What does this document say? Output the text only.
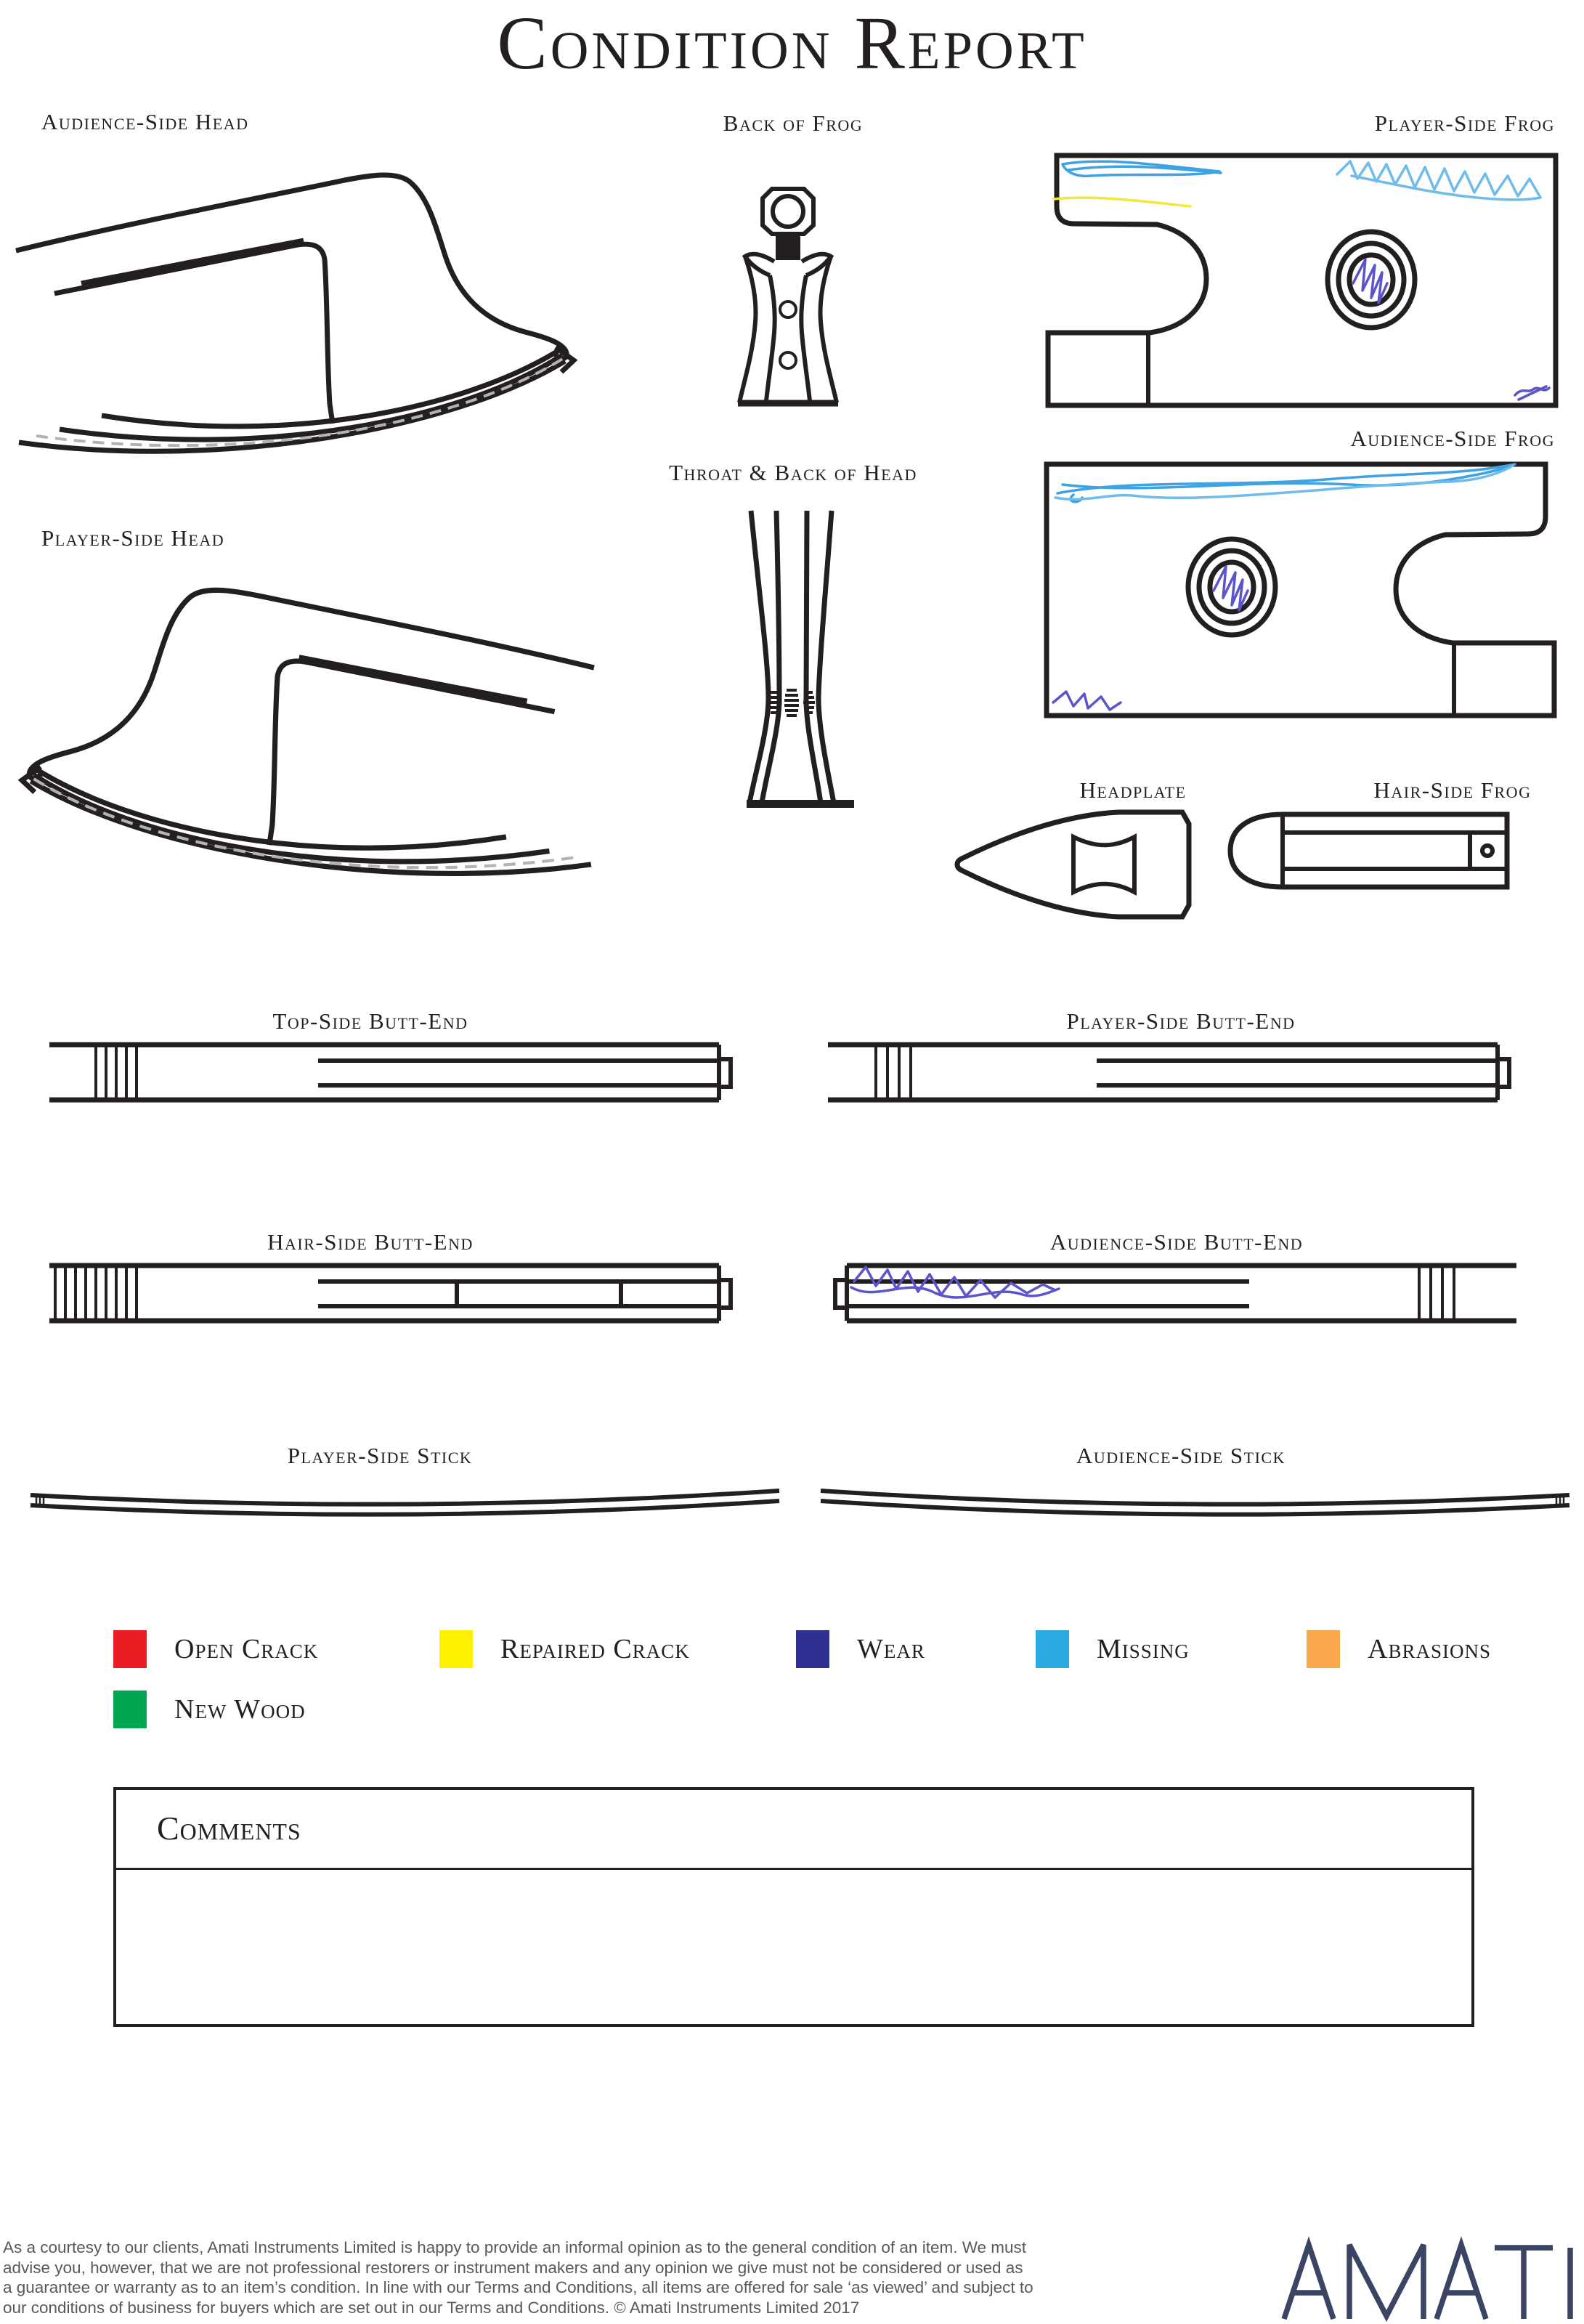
Condition Report
Audience-Side Head	Back of Frog	Player-Side Frog
Audience-Side Frog
Throat & Back of Head
Player-Side Head
Headplate	Hair-Side Frog
Top-Side Butt-End	Player-Side Butt-End
Hair-Side Butt-End	Audience-Side Butt-End
Player-Side Stick	Audience-Side Stick
Open Crack	Repaired Crack	Wear	Missing	Abrasions
New Wood
Comments
As a courtesy to our clients, Amati Instruments Limited is happy to provide an informal opinion as to the general condition of an item. We must
advise you, however, that we are not professional restorers or instrument makers and any opinion we give must not be considered or used as
a guarantee or warranty as to an item’s condition. In line with our Terms and Conditions, all items are offered for sale ‘as viewed’ and subject to
our conditions of business for buyers which are set out in our Terms and Conditions. © Amati Instruments Limited 2017
